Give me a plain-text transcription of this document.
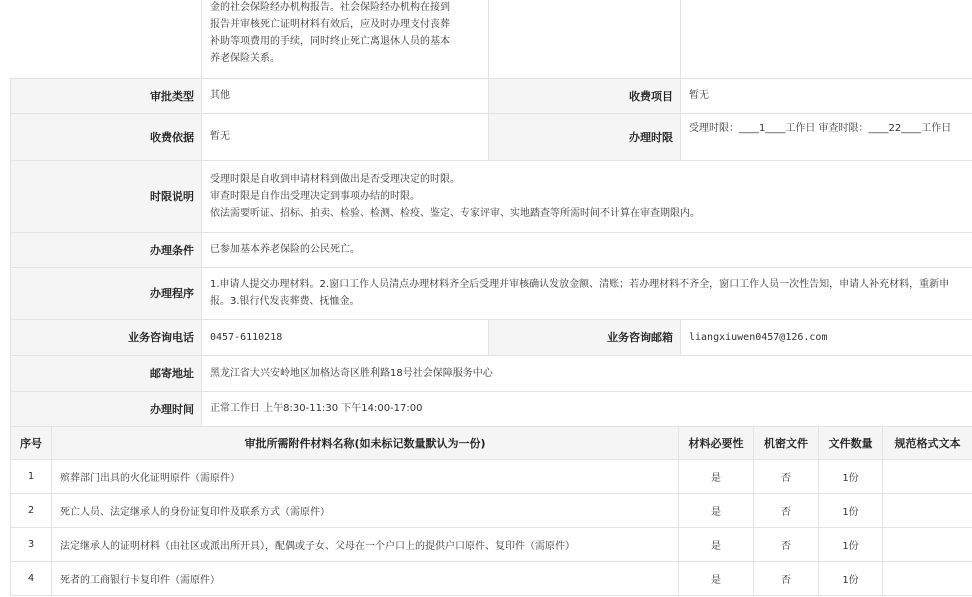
	金的社会保险经办机构报告。社会保险经办机构在接到
报告并审核死亡证明材料有效后，应及时办理支付丧葬
补助等项费用的手续，同时终止死亡离退休人员的基本
养老保险关系。		

审批类型	其他	收费项目	暂无
收费依据	暂无	办理时限	受理时限：____1____工作日 审查时限：____22____工作日
时限说明	受理时限是自收到申请材料到做出是否受理决定的时限。
审查时限是自作出受理决定到事项办结的时限。
依法需要听证、招标、拍卖、检验、检测、检疫、鉴定、专家评审、实地踏查等所需时间不计算在审查期限内。		

办理条件	已参加基本养老保险的公民死亡。		
办理程序	1.申请人提交办理材料。2.窗口工作人员清点办理材料齐全后受理并审核确认发放金额、清账；若办理材料不齐全，窗口工作人员一次性告知，申请人补充材料，重新申报。3.银行代发丧葬费、抚恤金。		
业务咨询电话	0457-6110218	业务咨询邮箱	liangxiuwen0457@126.com
邮寄地址	黑龙江省大兴安岭地区加格达奇区胜利路18号社会保障服务中心		
办理时间	正常工作日 上午8:30-11:30 下午14:00-17:00		
序号	审批所需附件材料名称(如未标记数量默认为一份)	材料必要性	机密文件	文件数量	规范格式文本
1	殡葬部门出具的火化证明原件（需原件）	是	否	1份	
2	死亡人员、法定继承人的身份证复印件及联系方式（需原件）	是	否	1份	
3	法定继承人的证明材料（由社区或派出所开具），配偶或子女、父母在一个户口上的提供户口原件、复印件（需原件）	是	否	1份	
4	死者的工商银行卡复印件（需原件）	是	否	1份	
